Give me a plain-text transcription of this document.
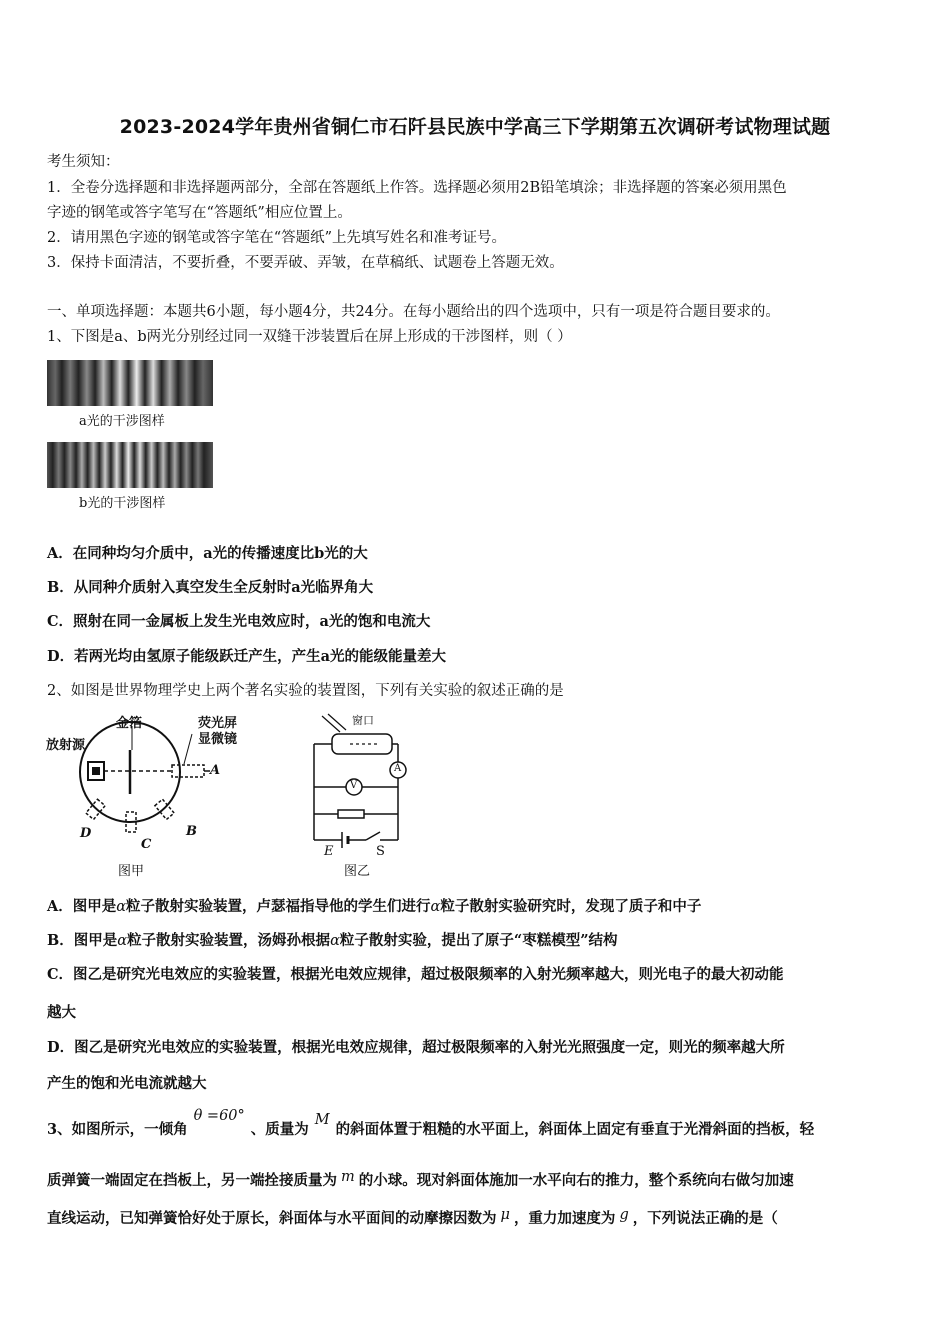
2023-2024学年贵州省铜仁市石阡县民族中学高三下学期第五次调研考试物理试题
考生须知：
1．全卷分选择题和非选择题两部分，全部在答题纸上作答。选择题必须用2B铅笔填涂；非选择题的答案必须用黑色
字迹的钢笔或答字笔写在“答题纸”相应位置上。
2．请用黑色字迹的钢笔或答字笔在“答题纸”上先填写姓名和准考证号。
3．保持卡面清洁，不要折叠，不要弄破、弄皱，在草稿纸、试题卷上答题无效。
一、单项选择题：本题共6小题，每小题4分，共24分。在每小题给出的四个选项中，只有一项是符合题目要求的。
1、下图是a、b两光分别经过同一双缝干涉装置后在屏上形成的干涉图样，则（ ）
a光的干涉图样
b光的干涉图样
A．在同种均匀介质中，a光的传播速度比b光的大
B．从同种介质射入真空发生全反射时a光临界角大
C．照射在同一金属板上发生光电效应时，a光的饱和电流大
D．若两光均由氢原子能级跃迁产生，产生a光的能级能量差大
2、如图是世界物理学史上两个著名实验的装置图，下列有关实验的叙述正确的是
放射源
金箔	荧光屏
显微镜
A
B
C
D
图甲
窗口
A
V
E	S
图乙
A．图甲是α粒子散射实验装置，卢瑟福指导他的学生们进行α粒子散射实验研究时，发现了质子和中子
B．图甲是α粒子散射实验装置，汤姆孙根据α粒子散射实验，提出了原子“枣糕模型”结构
C．图乙是研究光电效应的实验装置，根据光电效应规律，超过极限频率的入射光频率越大，则光电子的最大初动能
越大
D．图乙是研究光电效应的实验装置，根据光电效应规律，超过极限频率的入射光光照强度一定，则光的频率越大所
产生的饱和光电流就越大
3、如图所示，一倾角θ =60°、质量为M的斜面体置于粗糙的水平面上，斜面体上固定有垂直于光滑斜面的挡板，轻
质弹簧一端固定在挡板上，另一端拴接质量为 m 的小球。现对斜面体施加一水平向右的推力，整个系统向右做匀加速
直线运动，已知弹簧恰好处于原长，斜面体与水平面间的动摩擦因数为 μ ，重力加速度为 g ，下列说法正确的是（
